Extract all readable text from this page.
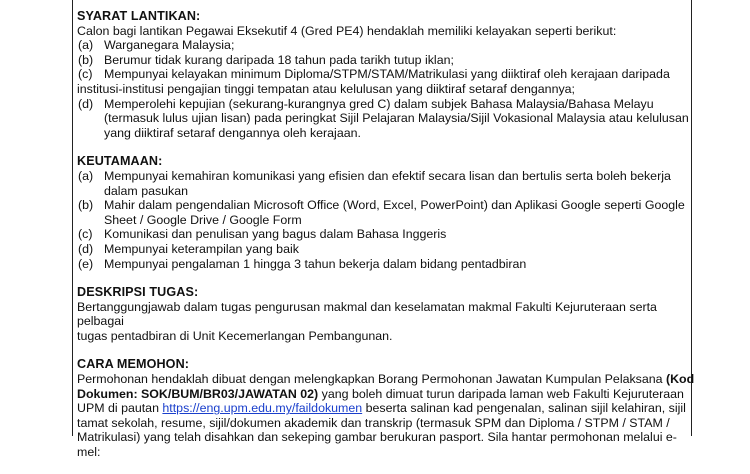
SYARAT LANTIKAN:
Calon bagi lantikan Pegawai Eksekutif 4 (Gred PE4) hendaklah memiliki kelayakan seperti berikut:
(a) Warganegara Malaysia;
(b) Berumur tidak kurang daripada 18 tahun pada tarikh tutup iklan;
(c) Mempunyai kelayakan minimum Diploma/STPM/STAM/Matrikulasi yang diiktiraf oleh kerajaan daripada
institusi-institusi pengajian tinggi tempatan atau kelulusan yang diiktiraf setaraf dengannya;
(d) Memperolehi kepujian (sekurang-kurangnya gred C) dalam subjek Bahasa Malaysia/Bahasa Melayu
(termasuk lulus ujian lisan) pada peringkat Sijil Pelajaran Malaysia/Sijil Vokasional Malaysia atau kelulusan
yang diiktiraf setaraf dengannya oleh kerajaan.
KEUTAMAAN:
(a) Mempunyai kemahiran komunikasi yang efisien dan efektif secara lisan dan bertulis serta boleh bekerja
dalam pasukan
(b) Mahir dalam pengendalian Microsoft Office (Word, Excel, PowerPoint) dan Aplikasi Google seperti Google
Sheet / Google Drive / Google Form
(c) Komunikasi dan penulisan yang bagus dalam Bahasa Inggeris
(d) Mempunyai keterampilan yang baik
(e) Mempunyai pengalaman 1 hingga 3 tahun bekerja dalam bidang pentadbiran
DESKRIPSI TUGAS:
Bertanggungjawab dalam tugas pengurusan makmal dan keselamatan makmal Fakulti Kejuruteraan serta pelbagai
tugas pentadbiran di Unit Kecemerlangan Pembangunan.
CARA MEMOHON:
Permohonan hendaklah dibuat dengan melengkapkan Borang Permohonan Jawatan Kumpulan Pelaksana (Kod
Dokumen: SOK/BUM/BR03/JAWATAN 02) yang boleh dimuat turun daripada laman web Fakulti Kejuruteraan
UPM di pautan https://eng.upm.edu.my/faildokumen beserta salinan kad pengenalan, salinan sijil kelahiran, sijil
tamat sekolah, resume, sijil/dokumen akademik dan transkrip (termasuk SPM dan Diploma / STPM / STAM /
Matrikulasi) yang telah disahkan dan sekeping gambar berukuran pasport. Sila hantar permohonan melalui e-mel:
